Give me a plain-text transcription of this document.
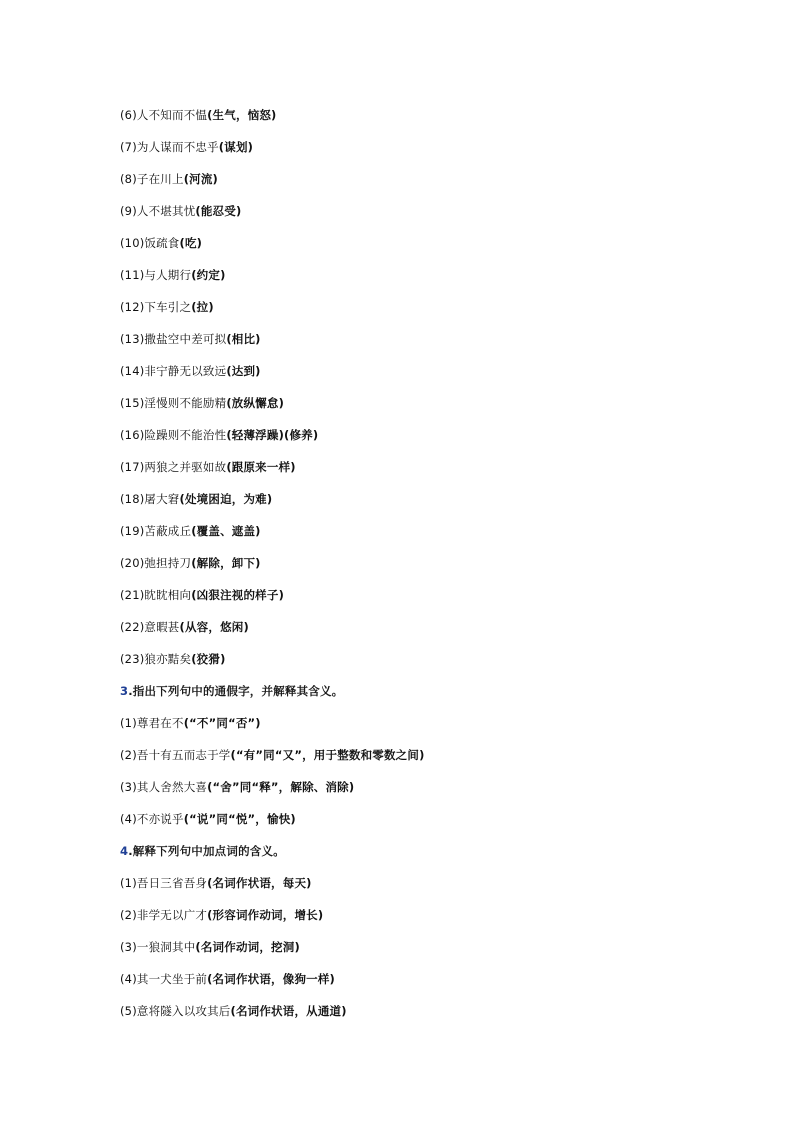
(6)人不知而不愠(生气，恼怒)
(7)为人谋而不忠乎(谋划)
(8)子在川上(河流)
(9)人不堪其忧(能忍受)
(10)饭疏食(吃)
(11)与人期行(约定)
(12)下车引之(拉)
(13)撒盐空中差可拟(相比)
(14)非宁静无以致远(达到)
(15)淫慢则不能励精(放纵懈怠)
(16)险躁则不能治性(轻薄浮躁)(修养)
(17)两狼之并驱如故(跟原来一样)
(18)屠大窘(处境困迫，为难)
(19)苫蔽成丘(覆盖、遮盖)
(20)弛担持刀(解除，卸下)
(21)眈眈相向(凶狠注视的样子)
(22)意暇甚(从容，悠闲)
(23)狼亦黠矣(狡猾)
3.指出下列句中的通假字，并解释其含义。
(1)尊君在不(“不”同“否”)
(2)吾十有五而志于学(“有”同“又”，用于整数和零数之间)
(3)其人舍然大喜(“舍”同“释”，解除、消除)
(4)不亦说乎(“说”同“悦”，愉快)
4.解释下列句中加点词的含义。
(1)吾日三省吾身(名词作状语，每天)
(2)非学无以广才(形容词作动词，增长)
(3)一狼洞其中(名词作动词，挖洞)
(4)其一犬坐于前(名词作状语，像狗一样)
(5)意将隧入以攻其后(名词作状语，从通道)
